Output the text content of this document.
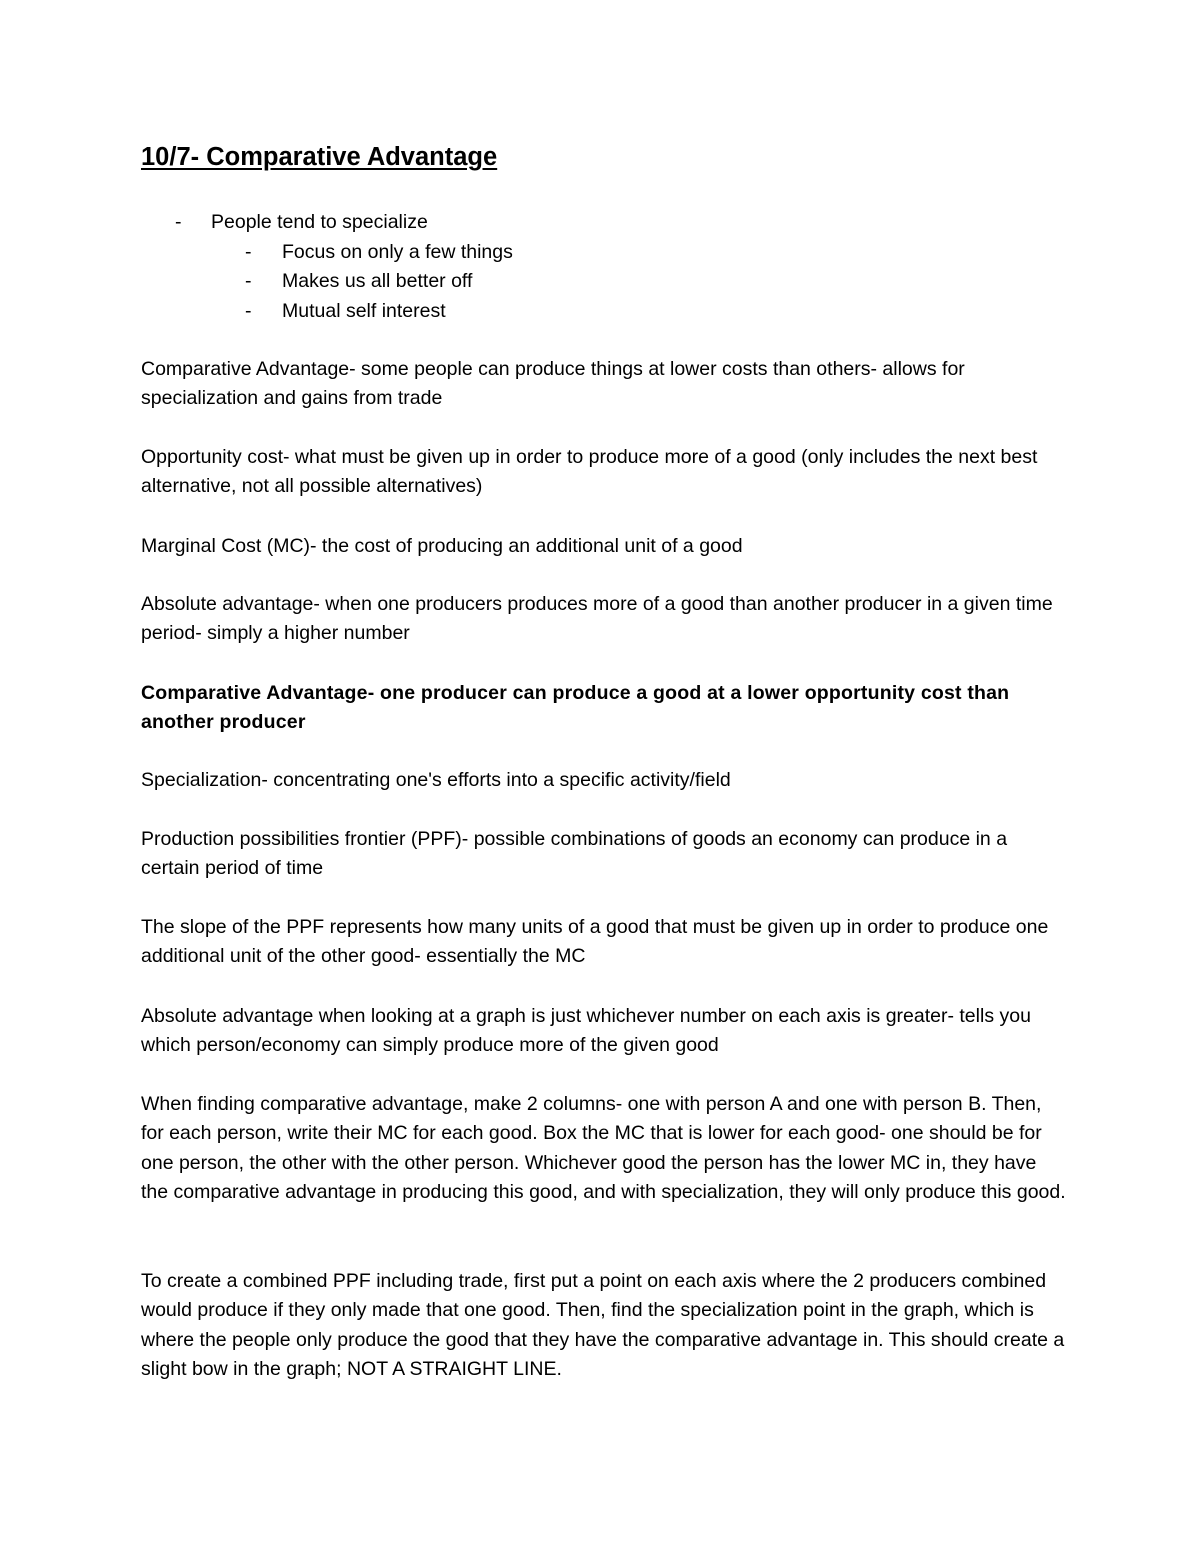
10/7- Comparative Advantage
- People tend to specialize
- Focus on only a few things
- Makes us all better off
- Mutual self interest

Comparative Advantage- some people can produce things at lower costs than others- allows for specialization and gains from trade

Opportunity cost- what must be given up in order to produce more of a good (only includes the next best alternative, not all possible alternatives)

Marginal Cost (MC)- the cost of producing an additional unit of a good

Absolute advantage- when one producers produces more of a good than another producer in a given time period- simply a higher number

Comparative Advantage- one producer can produce a good at a lower opportunity cost than another producer

Specialization- concentrating one's efforts into a specific activity/field

Production possibilities frontier (PPF)- possible combinations of goods an economy can produce in a certain period of time

The slope of the PPF represents how many units of a good that must be given up in order to produce one additional unit of the other good- essentially the MC

Absolute advantage when looking at a graph is just whichever number on each axis is greater- tells you which person/economy can simply produce more of the given good

When finding comparative advantage, make 2 columns- one with person A and one with person B. Then, for each person, write their MC for each good. Box the MC that is lower for each good- one should be for one person, the other with the other person. Whichever good the person has the lower MC in, they have the comparative advantage in producing this good, and with specialization, they will only produce this good.

To create a combined PPF including trade, first put a point on each axis where the 2 producers combined would produce if they only made that one good. Then, find the specialization point in the graph, which is where the people only produce the good that they have the comparative advantage in. This should create a slight bow in the graph; NOT A STRAIGHT LINE.
